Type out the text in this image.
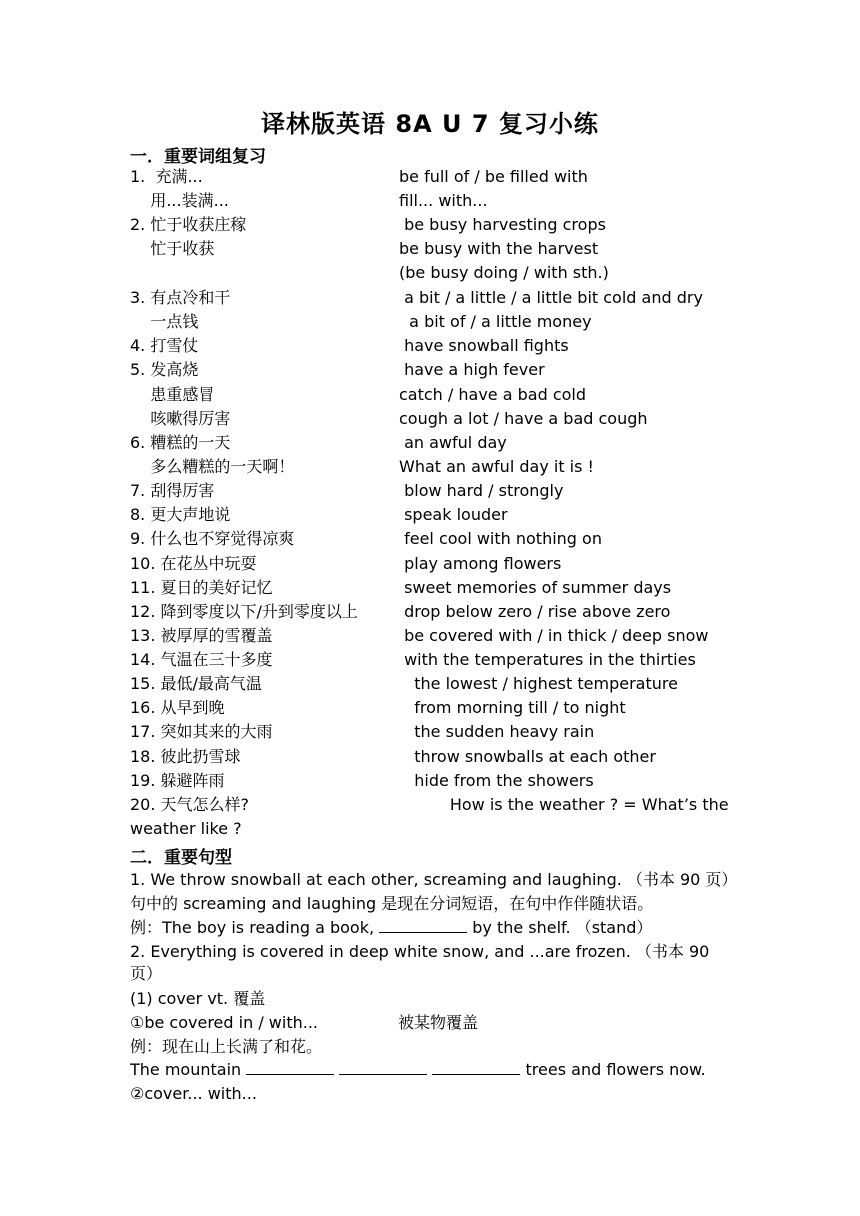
译林版英语 8A U 7 复习小练
一．重要词组复习
1.  充满...	be full of / be filled with
用...装满...	fill... with...
2. 忙于收获庄稼	be busy harvesting crops
忙于收获	be busy with the harvest
(be busy doing / with sth.)
3. 有点冷和干	a bit / a little / a little bit cold and dry
一点钱	a bit of / a little money
4. 打雪仗	have snowball fights
5. 发高烧	have a high fever
患重感冒	catch / have a bad cold
咳嗽得厉害	cough a lot / have a bad cough
6. 糟糕的一天	an awful day
多么糟糕的一天啊！	What an awful day it is !
7. 刮得厉害	blow hard / strongly
8. 更大声地说	speak louder
9. 什么也不穿觉得凉爽	feel cool with nothing on
10. 在花丛中玩耍	play among flowers
11. 夏日的美好记忆	sweet memories of summer days
12. 降到零度以下/升到零度以上	drop below zero / rise above zero
13. 被厚厚的雪覆盖	be covered with / in thick / deep snow
14. 气温在三十多度	with the temperatures in the thirties
15. 最低/最高气温	the lowest / highest temperature
16. 从早到晚	from morning till / to night
17. 突如其来的大雨	the sudden heavy rain
18. 彼此扔雪球	throw snowballs at each other
19. 躲避阵雨	hide from the showers
20. 天气怎么样?	How is the weather ? = What’s the
weather like ?
二．重要句型
1. We throw snowball at each other, screaming and laughing. （书本 90 页）
句中的 screaming and laughing 是现在分词短语，在句中作伴随状语。
例：The boy is reading a book,	by the shelf. （stand）
2. Everything is covered in deep white snow, and ...are frozen. （书本 90
页）
(1) cover vt. 覆盖
①be covered in / with...	被某物覆盖
例：现在山上长满了和花。
The mountain	trees and flowers now.
②cover... with...
